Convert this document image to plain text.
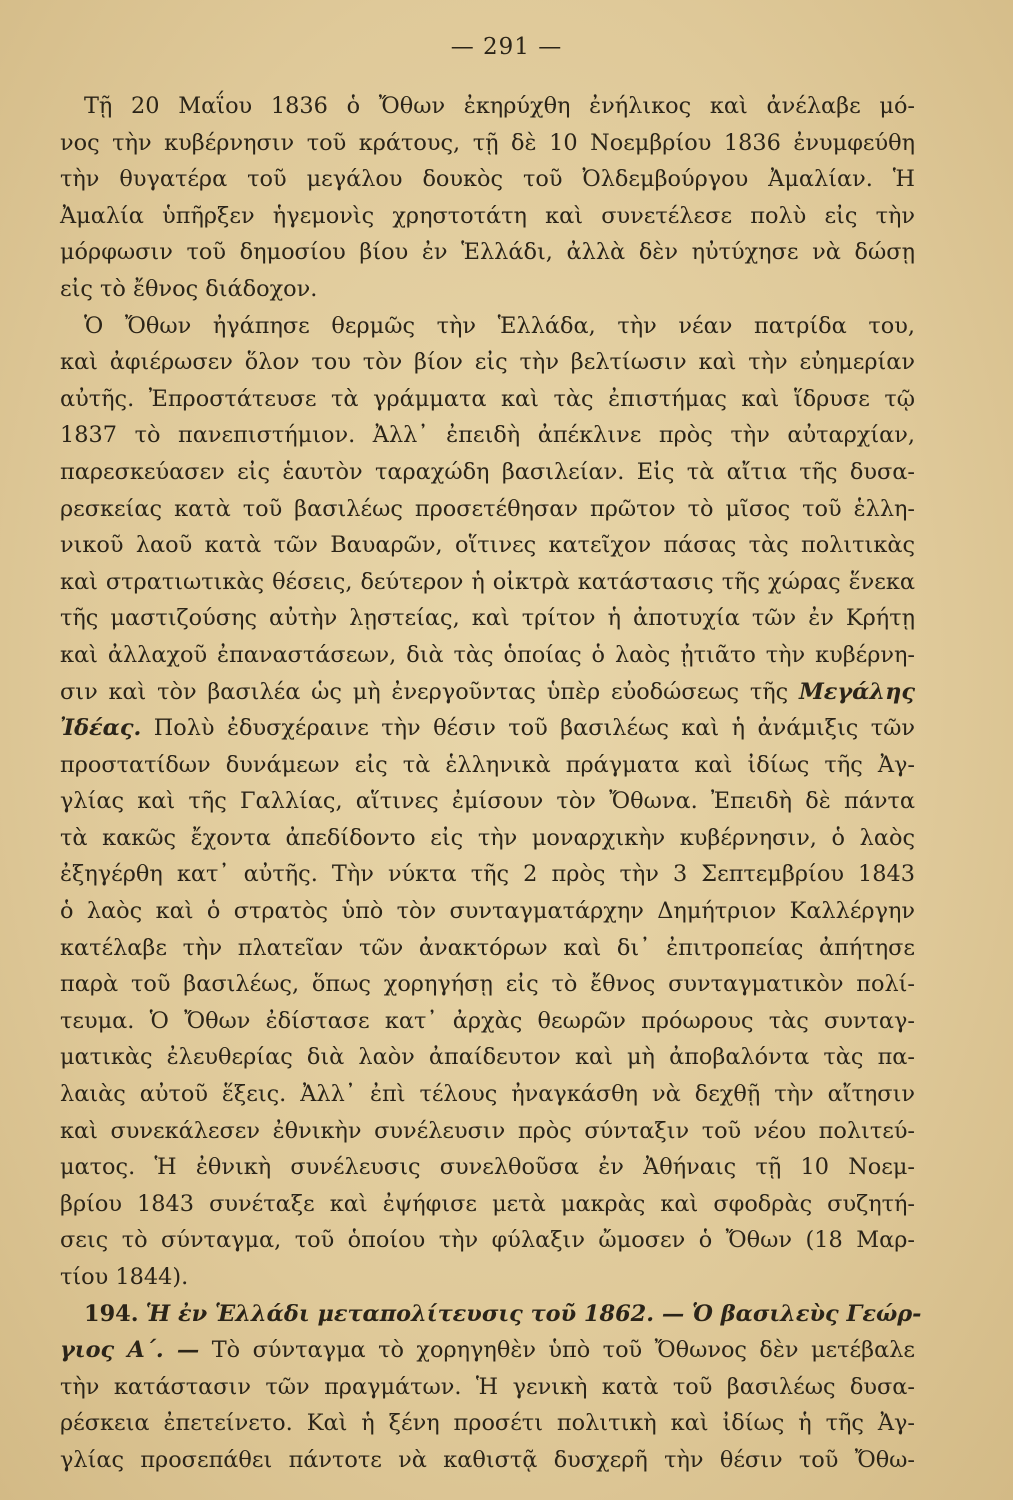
— 291 —
Τῇ 20 Μαΐου 1836 ὁ Ὄθων ἐκηρύχθη ἐνήλικος καὶ ἀνέλαβε μό-
νος τὴν κυβέρνησιν τοῦ κράτους, τῇ δὲ 10 Νοεμβρίου 1836 ἐνυμφεύθη
τὴν θυγατέρα τοῦ μεγάλου δουκὸς τοῦ Ὀλδεμβούργου Ἀμαλίαν. Ἡ
Ἀμαλία ὑπῆρξεν ἡγεμονὶς χρηστοτάτη καὶ συνετέλεσε πολὺ εἰς τὴν
μόρφωσιν τοῦ δημοσίου βίου ἐν Ἑλλάδι, ἀλλὰ δὲν ηὐτύχησε νὰ δώσῃ
εἰς τὸ ἔθνος διάδοχον.
Ὁ Ὄθων ἠγάπησε θερμῶς τὴν Ἑλλάδα, τὴν νέαν πατρίδα του,
καὶ ἀφιέρωσεν ὅλον του τὸν βίον εἰς τὴν βελτίωσιν καὶ τὴν εὐημερίαν
αὐτῆς. Ἐπροστάτευσε τὰ γράμματα καὶ τὰς ἐπιστήμας καὶ ἵδρυσε τῷ
1837 τὸ πανεπιστήμιον. Ἀλλ᾿ ἐπειδὴ ἀπέκλινε πρὸς τὴν αὐταρχίαν,
παρεσκεύασεν εἰς ἑαυτὸν ταραχώδη βασιλείαν. Εἰς τὰ αἴτια τῆς δυσα-
ρεσκείας κατὰ τοῦ βασιλέως προσετέθησαν πρῶτον τὸ μῖσος τοῦ ἑλλη-
νικοῦ λαοῦ κατὰ τῶν Βαυαρῶν, οἵτινες κατεῖχον πάσας τὰς πολιτικὰς
καὶ στρατιωτικὰς θέσεις, δεύτερον ἡ οἰκτρὰ κατάστασις τῆς χώρας ἕνεκα
τῆς μαστιζούσης αὐτὴν λῃστείας, καὶ τρίτον ἡ ἀποτυχία τῶν ἐν Κρήτῃ
καὶ ἀλλαχοῦ ἐπαναστάσεων, διὰ τὰς ὁποίας ὁ λαὸς ᾐτιᾶτο τὴν κυβέρνη-
σιν καὶ τὸν βασιλέα ὡς μὴ ἐνεργοῦντας ὑπὲρ εὐοδώσεως τῆς Μεγάλης
Ἰδέας. Πολὺ ἐδυσχέραινε τὴν θέσιν τοῦ βασιλέως καὶ ἡ ἀνάμιξις τῶν
προστατίδων δυνάμεων εἰς τὰ ἑλληνικὰ πράγματα καὶ ἰδίως τῆς Ἀγ-
γλίας καὶ τῆς Γαλλίας, αἵτινες ἐμίσουν τὸν Ὄθωνα. Ἐπειδὴ δὲ πάντα
τὰ κακῶς ἔχοντα ἀπεδίδοντο εἰς τὴν μοναρχικὴν κυβέρνησιν, ὁ λαὸς
ἐξηγέρθη κατ᾿ αὐτῆς. Τὴν νύκτα τῆς 2 πρὸς τὴν 3 Σεπτεμβρίου 1843
ὁ λαὸς καὶ ὁ στρατὸς ὑπὸ τὸν συνταγματάρχην Δημήτριον Καλλέργην
κατέλαβε τὴν πλατεῖαν τῶν ἀνακτόρων καὶ δι᾿ ἐπιτροπείας ἀπήτησε
παρὰ τοῦ βασιλέως, ὅπως χορηγήσῃ εἰς τὸ ἔθνος συνταγματικὸν πολί-
τευμα. Ὁ Ὄθων ἐδίστασε κατ᾿ ἀρχὰς θεωρῶν πρόωρους τὰς συνταγ-
ματικὰς ἐλευθερίας διὰ λαὸν ἀπαίδευτον καὶ μὴ ἀποβαλόντα τὰς πα-
λαιὰς αὐτοῦ ἕξεις. Ἀλλ᾿ ἐπὶ τέλους ἠναγκάσθη νὰ δεχθῇ τὴν αἴτησιν
καὶ συνεκάλεσεν ἐθνικὴν συνέλευσιν πρὸς σύνταξιν τοῦ νέου πολιτεύ-
ματος. Ἡ ἐθνικὴ συνέλευσις συνελθοῦσα ἐν Ἀθήναις τῇ 10 Νοεμ-
βρίου 1843 συνέταξε καὶ ἐψήφισε μετὰ μακρὰς καὶ σφοδρὰς συζητή-
σεις τὸ σύνταγμα, τοῦ ὁποίου τὴν φύλαξιν ὤμοσεν ὁ Ὄθων (18 Μαρ-
τίου 1844).
194. Ἡ ἐν Ἑλλάδι μεταπολίτευσις τοῦ 1862. — Ὁ βασιλεὺς Γεώρ-
γιος Α΄. — Τὸ σύνταγμα τὸ χορηγηθὲν ὑπὸ τοῦ Ὄθωνος δὲν μετέβαλε
τὴν κατάστασιν τῶν πραγμάτων. Ἡ γενικὴ κατὰ τοῦ βασιλέως δυσα-
ρέσκεια ἐπετείνετο. Καὶ ἡ ξένη προσέτι πολιτικὴ καὶ ἰδίως ἡ τῆς Ἀγ-
γλίας προσεπάθει πάντοτε νὰ καθιστᾷ δυσχερῆ τὴν θέσιν τοῦ Ὄθω-
